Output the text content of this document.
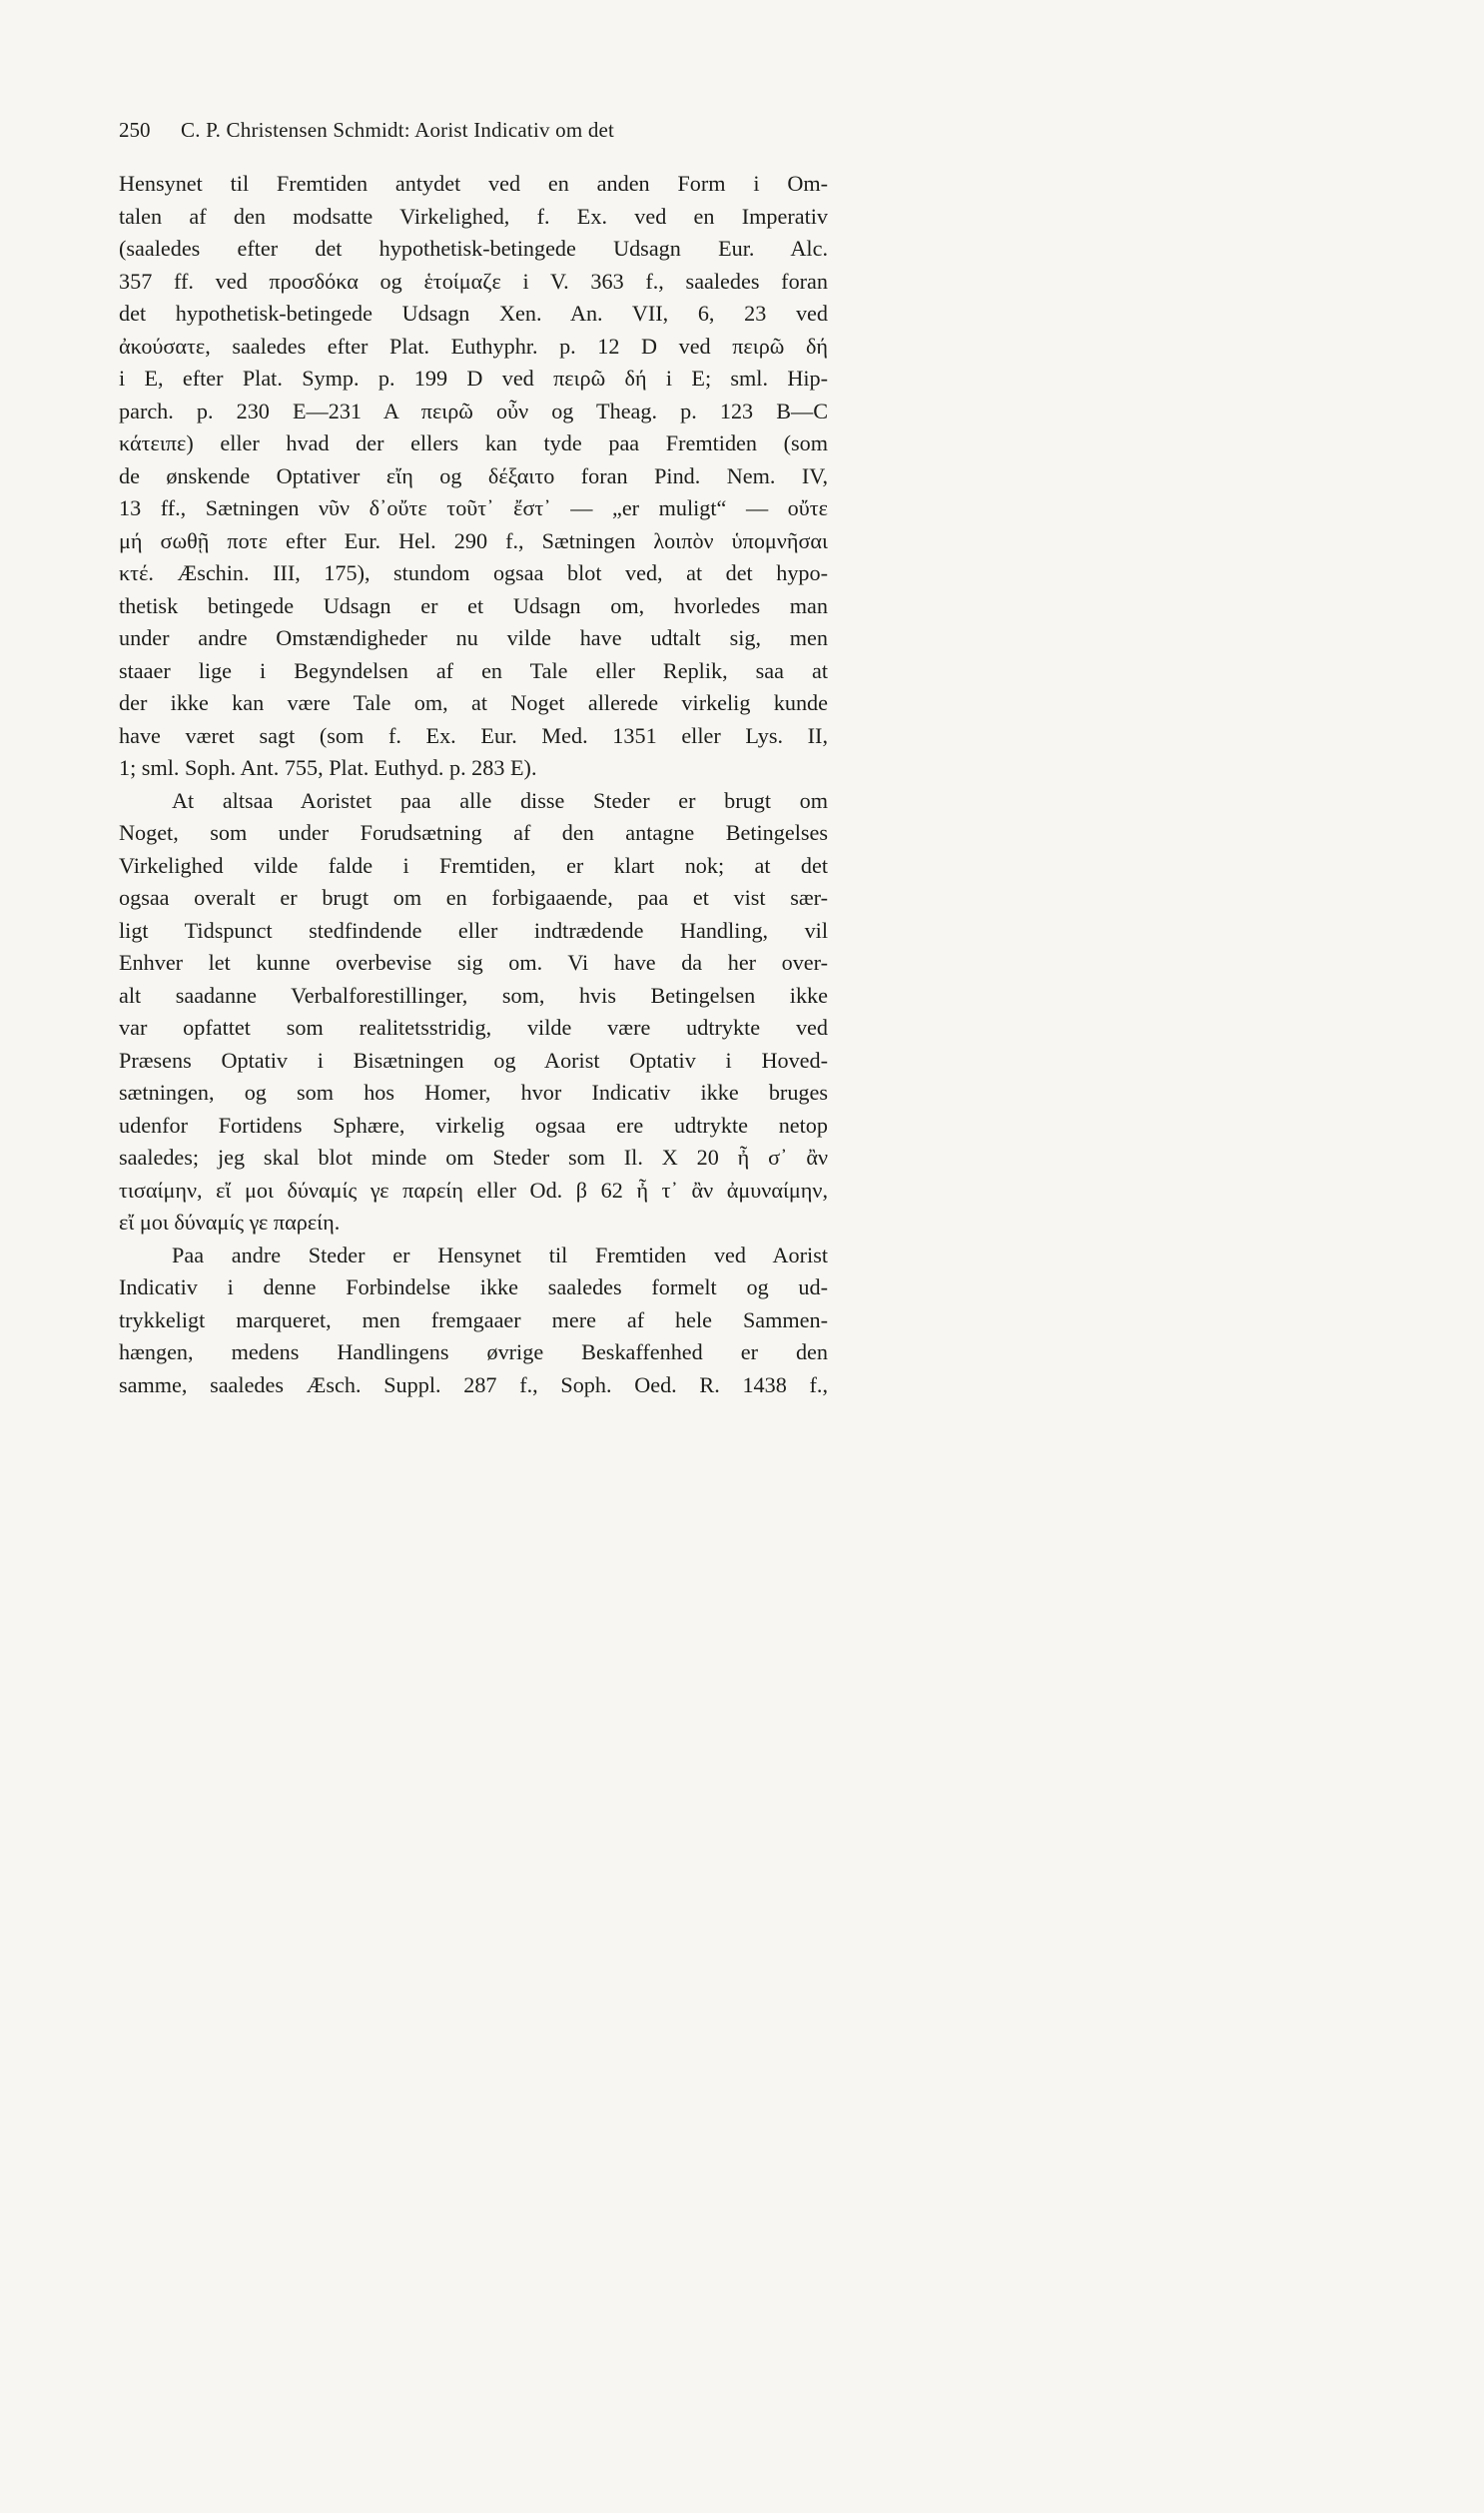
250 C. P. Christensen Schmidt: Aorist Indicativ om det
Hensynet til Fremtiden antydet ved en anden Form i Om-
talen af den modsatte Virkelighed, f. Ex. ved en Imperativ
(saaledes efter det hypothetisk-betingede Udsagn Eur. Alc.
357 ff. ved προσδόκα og ἑτοίμαζε i V. 363 f., saaledes foran
det hypothetisk-betingede Udsagn Xen. An. VII, 6, 23 ved
ἀκούσατε, saaledes efter Plat. Euthyphr. p. 12 D ved πειρῶ δή
i E, efter Plat. Symp. p. 199 D ved πειρῶ δή i E; sml. Hip-
parch. p. 230 E—231 A πειρῶ οὖν og Theag. p. 123 B—C
κάτειπε) eller hvad der ellers kan tyde paa Fremtiden (som
de ønskende Optativer εἴη og δέξαιτο foran Pind. Nem. IV,
13 ff., Sætningen νῦν δ᾽οὔτε τοῦτ᾽ ἔστ᾽ — „er muligt“ — οὔτε
μή σωθῇ ποτε efter Eur. Hel. 290 f., Sætningen λοιπὸν ὑπομνῆσαι
κτέ. Æschin. III, 175), stundom ogsaa blot ved, at det hypo-
thetisk betingede Udsagn er et Udsagn om, hvorledes man
under andre Omstændigheder nu vilde have udtalt sig, men
staaer lige i Begyndelsen af en Tale eller Replik, saa at
der ikke kan være Tale om, at Noget allerede virkelig kunde
have været sagt (som f. Ex. Eur. Med. 1351 eller Lys. II,
1; sml. Soph. Ant. 755, Plat. Euthyd. p. 283 E).
At altsaa Aoristet paa alle disse Steder er brugt om
Noget, som under Forudsætning af den antagne Betingelses
Virkelighed vilde falde i Fremtiden, er klart nok; at det
ogsaa overalt er brugt om en forbigaaende, paa et vist sær-
ligt Tidspunct stedfindende eller indtrædende Handling, vil
Enhver let kunne overbevise sig om. Vi have da her over-
alt saadanne Verbalforestillinger, som, hvis Betingelsen ikke
var opfattet som realitetsstridig, vilde være udtrykte ved
Præsens Optativ i Bisætningen og Aorist Optativ i Hoved-
sætningen, og som hos Homer, hvor Indicativ ikke bruges
udenfor Fortidens Sphære, virkelig ogsaa ere udtrykte netop
saaledes; jeg skal blot minde om Steder som Il. X 20 ἦ σ᾽ ἂν
τισαίμην, εἴ μοι δύναμίς γε παρείη eller Od. β 62 ἦ τ᾽ ἂν ἀμυναίμην,
εἴ μοι δύναμίς γε παρείη.
Paa andre Steder er Hensynet til Fremtiden ved Aorist
Indicativ i denne Forbindelse ikke saaledes formelt og ud-
trykkeligt marqueret, men fremgaaer mere af hele Sammen-
hængen, medens Handlingens øvrige Beskaffenhed er den
samme, saaledes Æsch. Suppl. 287 f., Soph. Oed. R. 1438 f.,
